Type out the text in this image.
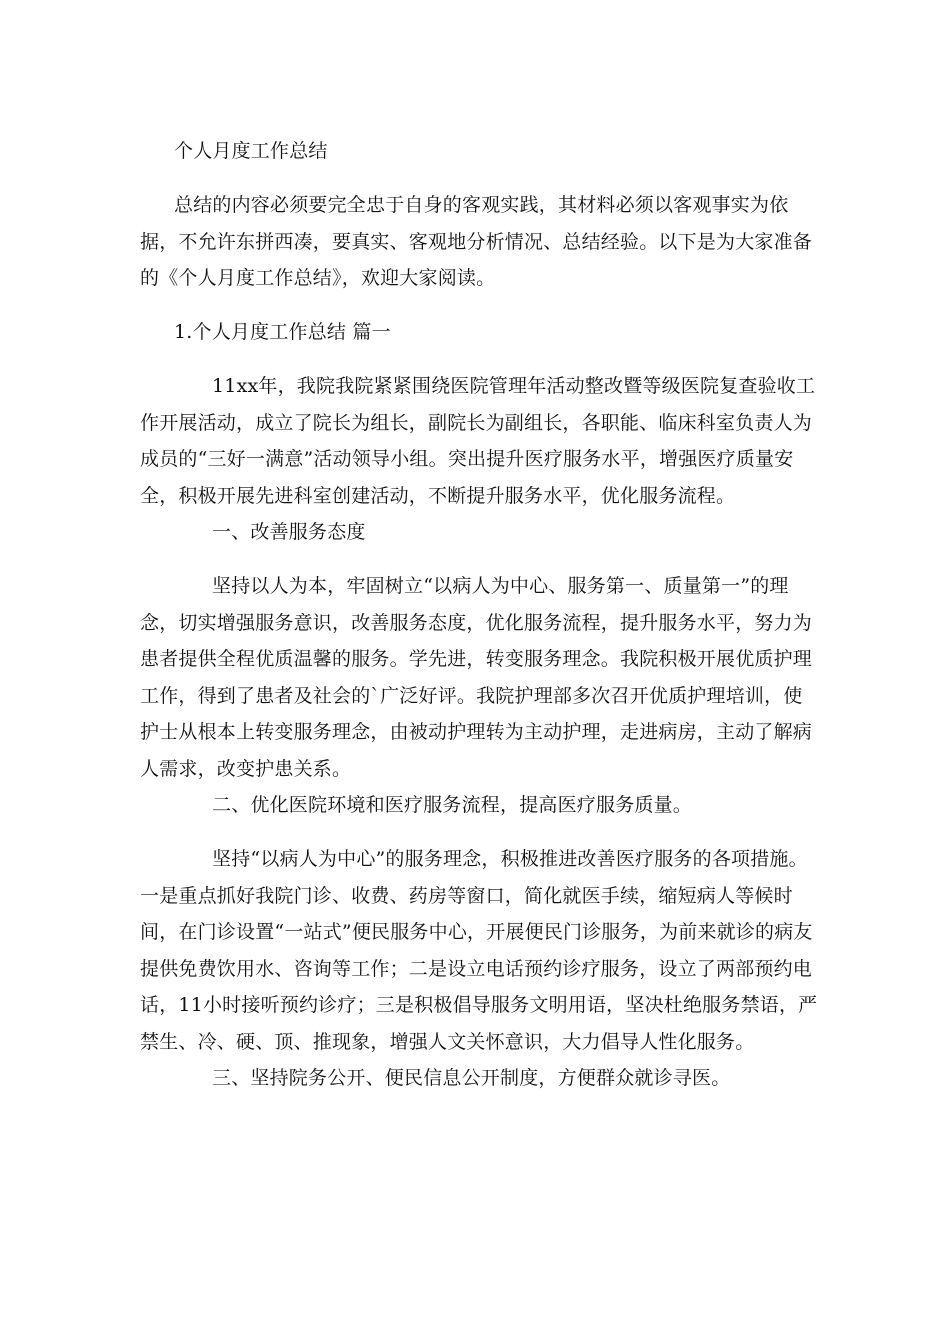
个人月度工作总结

总结的内容必须要完全忠于自身的客观实践，其材料必须以客观事实为依据，不允许东拼西凑，要真实、客观地分析情况、总结经验。以下是为大家准备的《个人月度工作总结》，欢迎大家阅读。

1.个人月度工作总结 篇一

11xx年，我院我院紧紧围绕医院管理年活动整改暨等级医院复查验收工作开展活动，成立了院长为组长，副院长为副组长，各职能、临床科室负责人为成员的“三好一满意”活动领导小组。突出提升医疗服务水平，增强医疗质量安全，积极开展先进科室创建活动，不断提升服务水平，优化服务流程。

一、改善服务态度

坚持以人为本，牢固树立“以病人为中心、服务第一、质量第一”的理念，切实增强服务意识，改善服务态度，优化服务流程，提升服务水平，努力为患者提供全程优质温馨的服务。学先进，转变服务理念。我院积极开展优质护理工作，得到了患者及社会的`广泛好评。我院护理部多次召开优质护理培训，使护士从根本上转变服务理念，由被动护理转为主动护理，走进病房，主动了解病人需求，改变护患关系。

二、优化医院环境和医疗服务流程，提高医疗服务质量。

坚持“以病人为中心”的服务理念，积极推进改善医疗服务的各项措施。一是重点抓好我院门诊、收费、药房等窗口，简化就医手续，缩短病人等候时间，在门诊设置“一站式”便民服务中心，开展便民门诊服务，为前来就诊的病友提供免费饮用水、咨询等工作；二是设立电话预约诊疗服务，设立了两部预约电话，11小时接听预约诊疗；三是积极倡导服务文明用语，坚决杜绝服务禁语，严禁生、冷、硬、顶、推现象，增强人文关怀意识，大力倡导人性化服务。

三、坚持院务公开、便民信息公开制度，方便群众就诊寻医。
